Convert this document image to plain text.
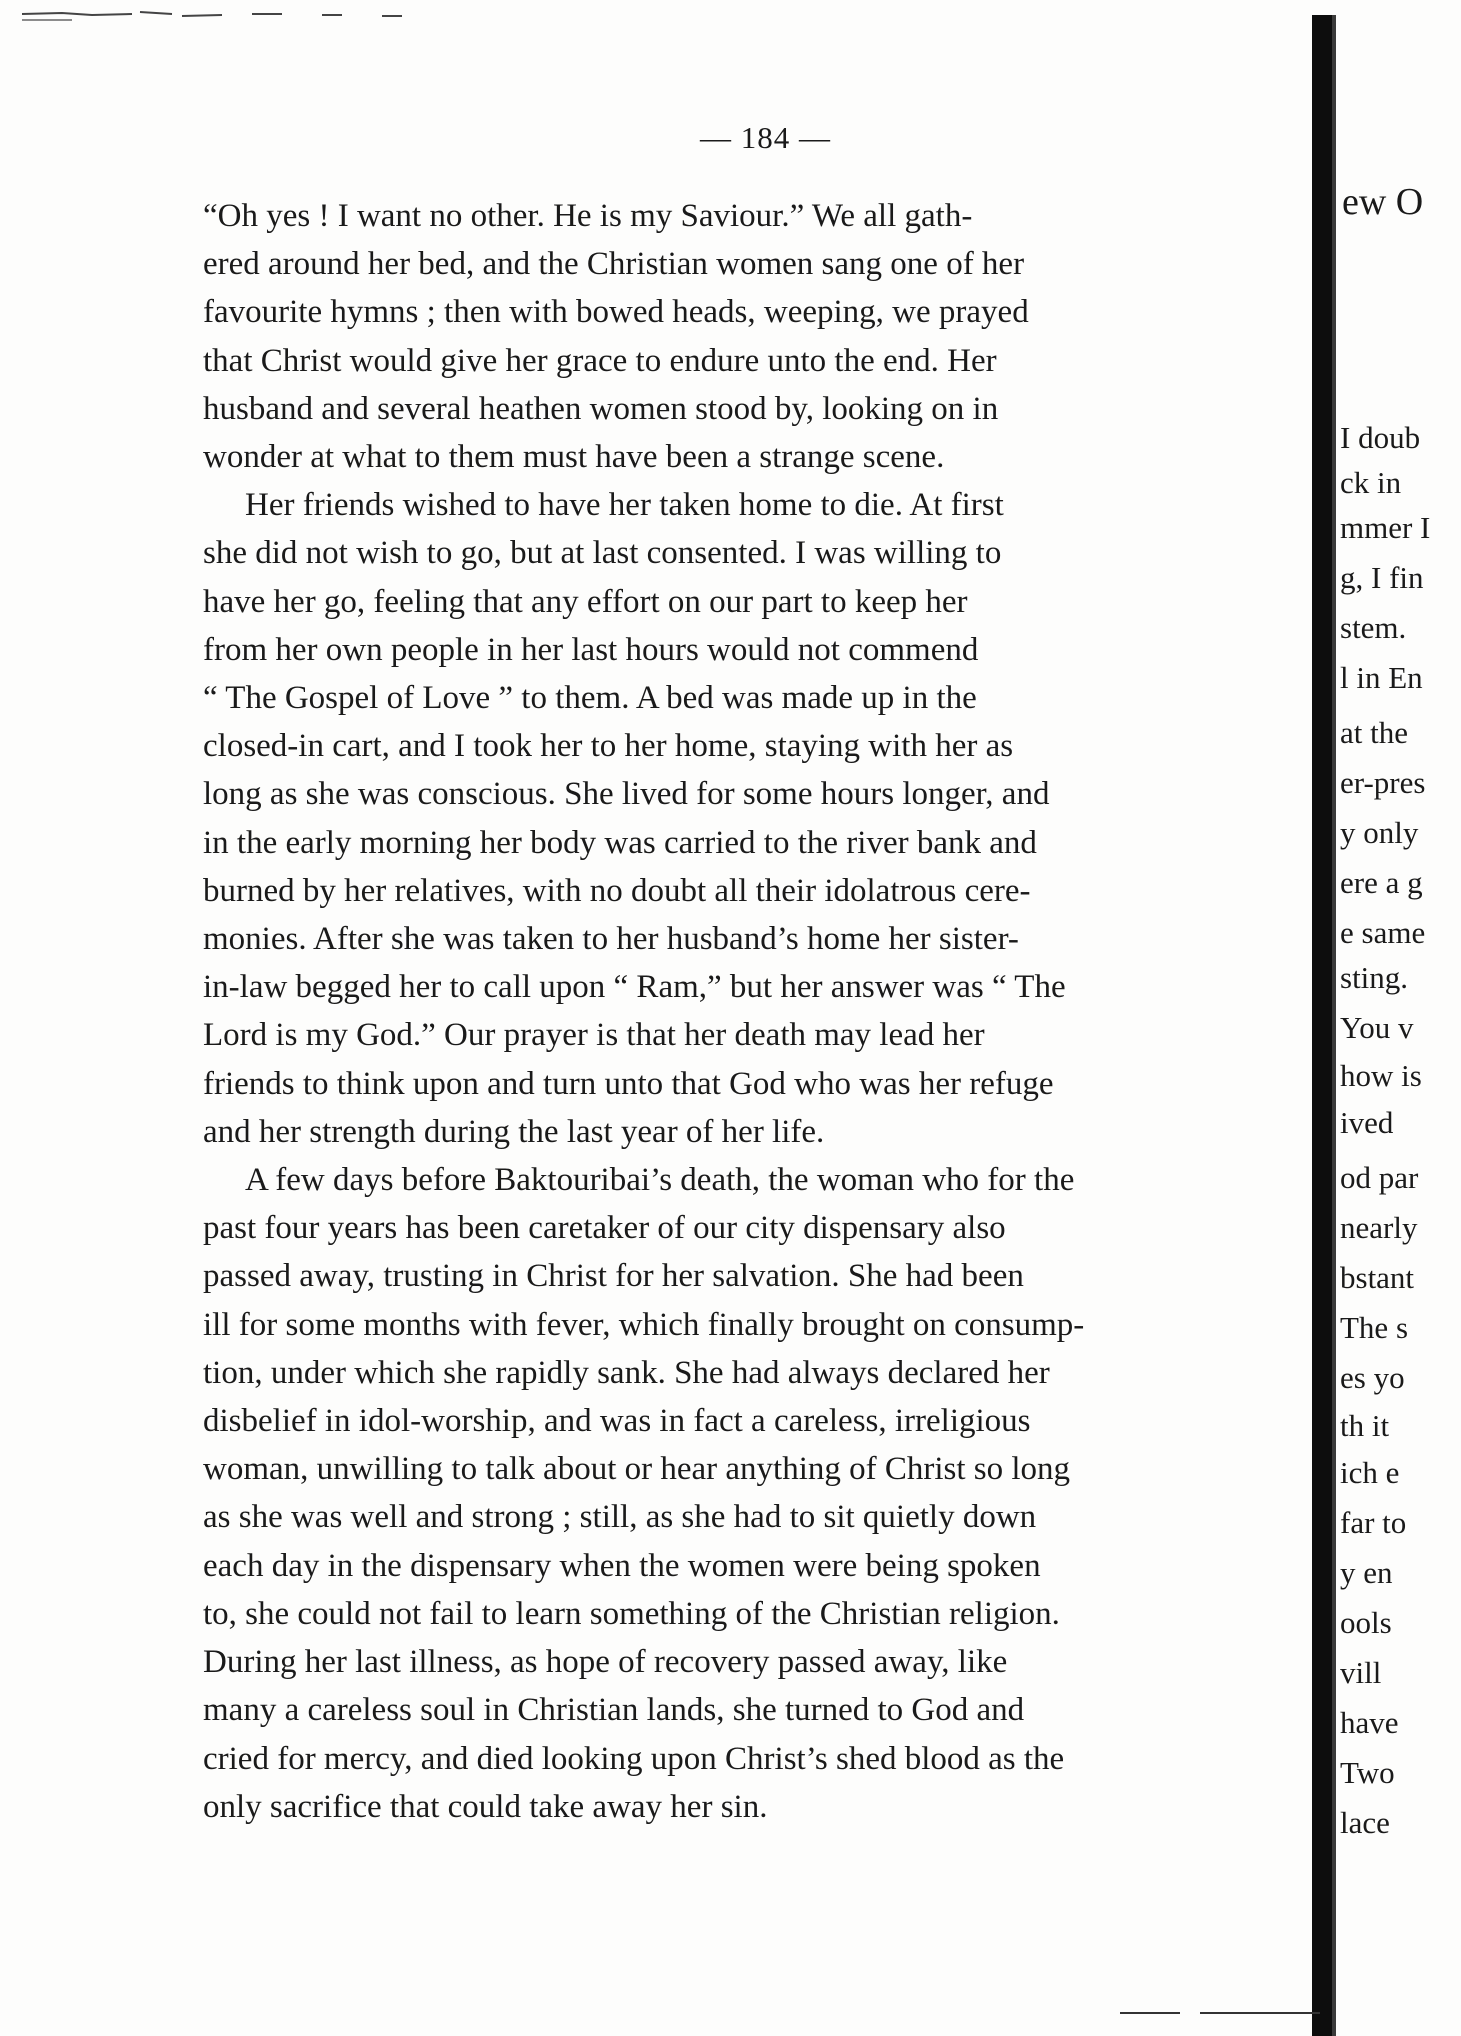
— 184 —
“Oh yes ! I want no other. He is my Saviour.” We all gath-
ered around her bed, and the Christian women sang one of her
favourite hymns ; then with bowed heads, weeping, we prayed
that Christ would give her grace to endure unto the end. Her
husband and several heathen women stood by, looking on in
wonder at what to them must have been a strange scene.
Her friends wished to have her taken home to die. At first
she did not wish to go, but at last consented. I was willing to
have her go, feeling that any effort on our part to keep her
from her own people in her last hours would not commend
“ The Gospel of Love ” to them. A bed was made up in the
closed-in cart, and I took her to her home, staying with her as
long as she was conscious. She lived for some hours longer, and
in the early morning her body was carried to the river bank and
burned by her relatives, with no doubt all their idolatrous cere-
monies. After she was taken to her husband’s home her sister-
in-law begged her to call upon “ Ram,” but her answer was “ The
Lord is my God.” Our prayer is that her death may lead her
friends to think upon and turn unto that God who was her refuge
and her strength during the last year of her life.
A few days before Baktouribai’s death, the woman who for the
past four years has been caretaker of our city dispensary also
passed away, trusting in Christ for her salvation. She had been
ill for some months with fever, which finally brought on consump-
tion, under which she rapidly sank. She had always declared her
disbelief in idol-worship, and was in fact a careless, irreligious
woman, unwilling to talk about or hear anything of Christ so long
as she was well and strong ; still, as she had to sit quietly down
each day in the dispensary when the women were being spoken
to, she could not fail to learn something of the Christian religion.
During her last illness, as hope of recovery passed away, like
many a careless soul in Christian lands, she turned to God and
cried for mercy, and died looking upon Christ’s shed blood as the
only sacrifice that could take away her sin.
ew O
I doub
ck in
mmer I
g, I fin
stem.
l in En
at the
er-pres
y only
ere a g
e same
sting.
You v
how is
ived
od par
nearly
bstant
The s
es yo
th it
ich e
far to
y en
ools
vill
have
Two
lace
